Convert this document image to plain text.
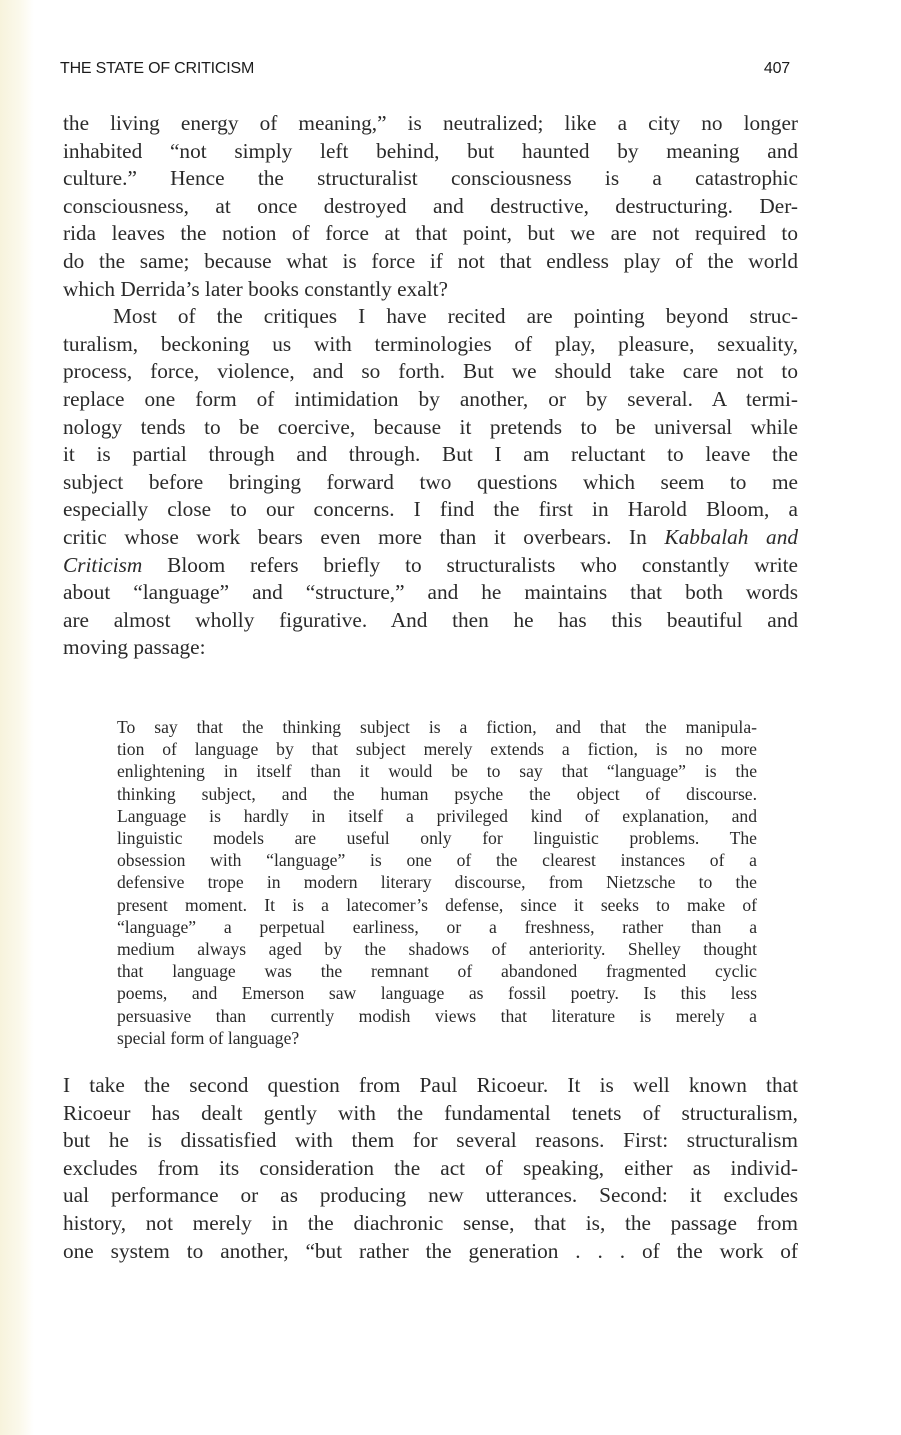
THE STATE OF CRITICISM	407
the living energy of meaning,” is neutralized; like a city no longer
inhabited “not simply left behind, but haunted by meaning and
culture.” Hence the structuralist consciousness is a catastrophic
consciousness, at once destroyed and destructive, destructuring. Der-
rida leaves the notion of force at that point, but we are not required to
do the same; because what is force if not that endless play of the world
which Derrida’s later books constantly exalt?
Most of the critiques I have recited are pointing beyond struc-
turalism, beckoning us with terminologies of play, pleasure, sexuality,
process, force, violence, and so forth. But we should take care not to
replace one form of intimidation by another, or by several. A termi-
nology tends to be coercive, because it pretends to be universal while
it is partial through and through. But I am reluctant to leave the
subject before bringing forward two questions which seem to me
especially close to our concerns. I find the first in Harold Bloom, a
critic whose work bears even more than it overbears. In Kabbalah and
Criticism Bloom refers briefly to structuralists who constantly write
about “language” and “structure,” and he maintains that both words
are almost wholly figurative. And then he has this beautiful and
moving passage:
To say that the thinking subject is a fiction, and that the manipula-
tion of language by that subject merely extends a fiction, is no more
enlightening in itself than it would be to say that “language” is the
thinking subject, and the human psyche the object of discourse.
Language is hardly in itself a privileged kind of explanation, and
linguistic models are useful only for linguistic problems. The
obsession with “language” is one of the clearest instances of a
defensive trope in modern literary discourse, from Nietzsche to the
present moment. It is a latecomer’s defense, since it seeks to make of
“language” a perpetual earliness, or a freshness, rather than a
medium always aged by the shadows of anteriority. Shelley thought
that language was the remnant of abandoned fragmented cyclic
poems, and Emerson saw language as fossil poetry. Is this less
persuasive than currently modish views that literature is merely a
special form of language?
I take the second question from Paul Ricoeur. It is well known that
Ricoeur has dealt gently with the fundamental tenets of structuralism,
but he is dissatisfied with them for several reasons. First: structuralism
excludes from its consideration the act of speaking, either as individ-
ual performance or as producing new utterances. Second: it excludes
history, not merely in the diachronic sense, that is, the passage from
one system to another, “but rather the generation . . . of the work of
